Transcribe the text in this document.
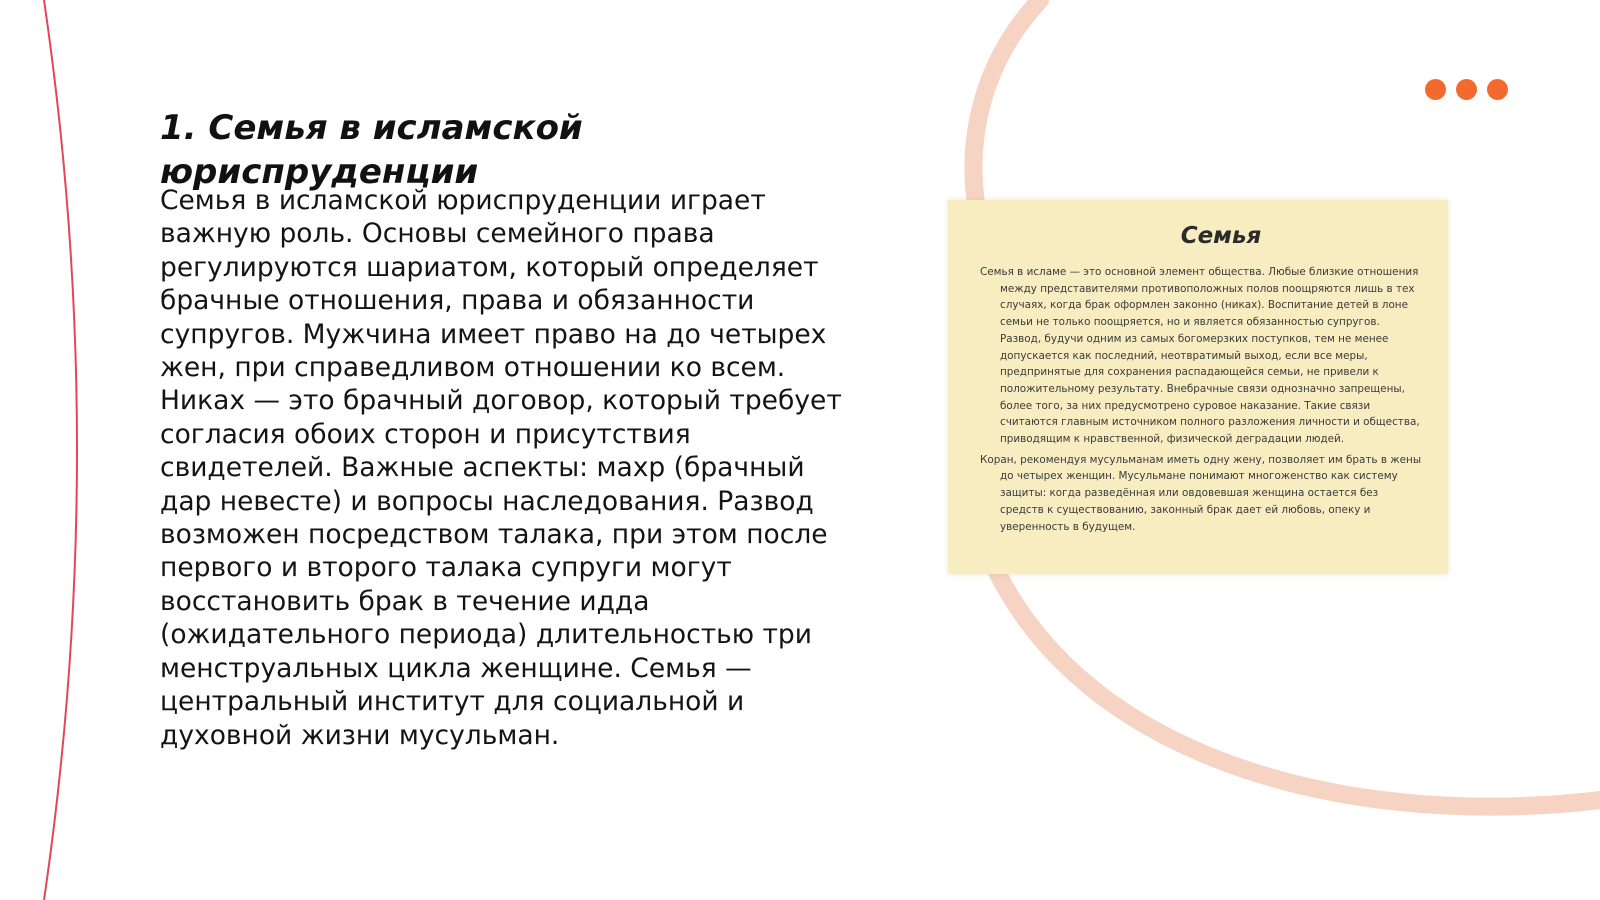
1. Семья в исламской юриспруденции

Семья в исламской юриспруденции играет важную роль. Основы семейного права регулируются шариатом, который определяет брачные отношения, права и обязанности супругов. Мужчина имеет право на до четырех жен, при справедливом отношении ко всем. Никах — это брачный договор, который требует согласия обоих сторон и присутствия свидетелей. Важные аспекты: махр (брачный дар невесте) и вопросы наследования. Развод возможен посредством талака, при этом после первого и второго талака супруги могут восстановить брак в течение идда (ожидательного периода) длительностью три менструальных цикла женщине. Семья — центральный институт для социальной и духовной жизни мусульман.

Семья

Семья в исламе — это основной элемент общества. Любые близкие отношения между представителями противоположных полов поощряются лишь в тех случаях, когда брак оформлен законно (никах). Воспитание детей в лоне семьи не только поощряется, но и является обязанностью супругов. Развод, будучи одним из самых богомерзких поступков, тем не менее допускается как последний, неотвратимый выход, если все меры, предпринятые для сохранения распадающейся семьи, не привели к положительному результату. Внебрачные связи однозначно запрещены, более того, за них предусмотрено суровое наказание. Такие связи считаются главным источником полного разложения личности и общества, приводящим к нравственной, физической деградации людей.

Коран, рекомендуя мусульманам иметь одну жену, позволяет им брать в жены до четырех женщин. Мусульмане понимают многоженство как систему защиты: когда разведённая или овдовевшая женщина остается без средств к существованию, законный брак дает ей любовь, опеку и уверенность в будущем.
